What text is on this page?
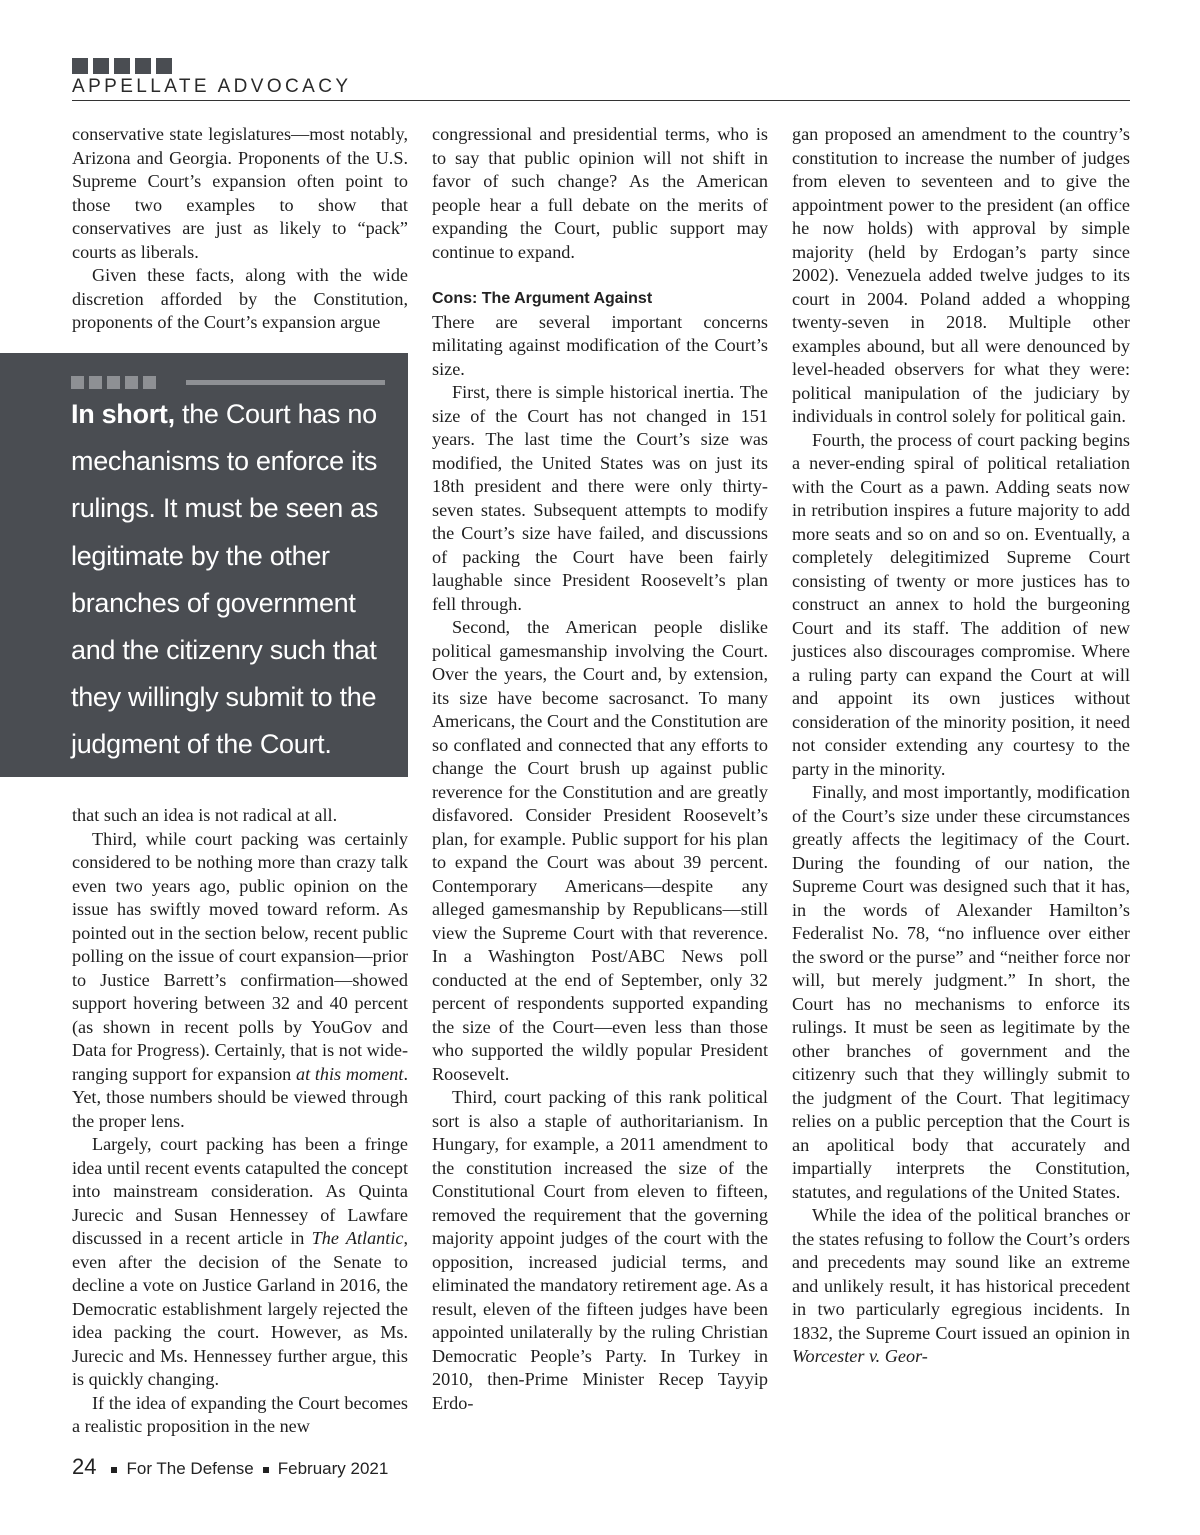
APPELLATE ADVOCACY

conservative state legislatures—most notably, Arizona and Georgia. Proponents of the U.S. Supreme Court’s expansion often point to those two examples to show that conservatives are just as likely to “pack” courts as liberals.

Given these facts, along with the wide discretion afforded by the Constitution, proponents of the Court’s expansion argue

In short, the Court has no mechanisms to enforce its rulings. It must be seen as legitimate by the other branches of government and the citizenry such that they willingly submit to the judgment of the Court.

that such an idea is not radical at all.

Third, while court packing was certainly considered to be nothing more than crazy talk even two years ago, public opinion on the issue has swiftly moved toward reform. As pointed out in the section below, recent public polling on the issue of court expansion—prior to Justice Barrett’s confirmation—showed support hovering between 32 and 40 percent (as shown in recent polls by YouGov and Data for Progress). Certainly, that is not wide-ranging support for expansion at this moment. Yet, those numbers should be viewed through the proper lens.

Largely, court packing has been a fringe idea until recent events catapulted the concept into mainstream consideration. As Quinta Jurecic and Susan Hennessey of Lawfare discussed in a recent article in The Atlantic, even after the decision of the Senate to decline a vote on Justice Garland in 2016, the Democratic establishment largely rejected the idea packing the court. However, as Ms. Jurecic and Ms. Hennessey further argue, this is quickly changing.

If the idea of expanding the Court becomes a realistic proposition in the new

congressional and presidential terms, who is to say that public opinion will not shift in favor of such change? As the American people hear a full debate on the merits of expanding the Court, public support may continue to expand.

Cons: The Argument Against

There are several important concerns militating against modification of the Court’s size.

First, there is simple historical inertia. The size of the Court has not changed in 151 years. The last time the Court’s size was modified, the United States was on just its 18th president and there were only thirty-seven states. Subsequent attempts to modify the Court’s size have failed, and discussions of packing the Court have been fairly laughable since President Roosevelt’s plan fell through.

Second, the American people dislike political gamesmanship involving the Court. Over the years, the Court and, by extension, its size have become sacrosanct. To many Americans, the Court and the Constitution are so conflated and connected that any efforts to change the Court brush up against public reverence for the Constitution and are greatly disfavored. Consider President Roosevelt’s plan, for example. Public support for his plan to expand the Court was about 39 percent. Contemporary Americans—despite any alleged gamesmanship by Republicans—still view the Supreme Court with that reverence. In a Washington Post/ABC News poll conducted at the end of September, only 32 percent of respondents supported expanding the size of the Court—even less than those who supported the wildly popular President Roosevelt.

Third, court packing of this rank political sort is also a staple of authoritarianism. In Hungary, for example, a 2011 amendment to the constitution increased the size of the Constitutional Court from eleven to fifteen, removed the requirement that the governing majority appoint judges of the court with the opposition, increased judicial terms, and eliminated the mandatory retirement age. As a result, eleven of the fifteen judges have been appointed unilaterally by the ruling Christian Democratic People’s Party. In Turkey in 2010, then-Prime Minister Recep Tayyip Erdo-

gan proposed an amendment to the country’s constitution to increase the number of judges from eleven to seventeen and to give the appointment power to the president (an office he now holds) with approval by simple majority (held by Erdogan’s party since 2002). Venezuela added twelve judges to its court in 2004. Poland added a whopping twenty-seven in 2018. Multiple other examples abound, but all were denounced by level-headed observers for what they were: political manipulation of the judiciary by individuals in control solely for political gain.

Fourth, the process of court packing begins a never-ending spiral of political retaliation with the Court as a pawn. Adding seats now in retribution inspires a future majority to add more seats and so on and so on. Eventually, a completely delegitimized Supreme Court consisting of twenty or more justices has to construct an annex to hold the burgeoning Court and its staff. The addition of new justices also discourages compromise. Where a ruling party can expand the Court at will and appoint its own justices without consideration of the minority position, it need not consider extending any courtesy to the party in the minority.

Finally, and most importantly, modification of the Court’s size under these circumstances greatly affects the legitimacy of the Court. During the founding of our nation, the Supreme Court was designed such that it has, in the words of Alexander Hamilton’s Federalist No. 78, “no influence over either the sword or the purse” and “neither force nor will, but merely judgment.” In short, the Court has no mechanisms to enforce its rulings. It must be seen as legitimate by the other branches of government and the citizenry such that they willingly submit to the judgment of the Court. That legitimacy relies on a public perception that the Court is an apolitical body that accurately and impartially interprets the Constitution, statutes, and regulations of the United States.

While the idea of the political branches or the states refusing to follow the Court’s orders and precedents may sound like an extreme and unlikely result, it has historical precedent in two particularly egregious incidents. In 1832, the Supreme Court issued an opinion in Worcester v. Geor-

24 For The Defense February 2021
